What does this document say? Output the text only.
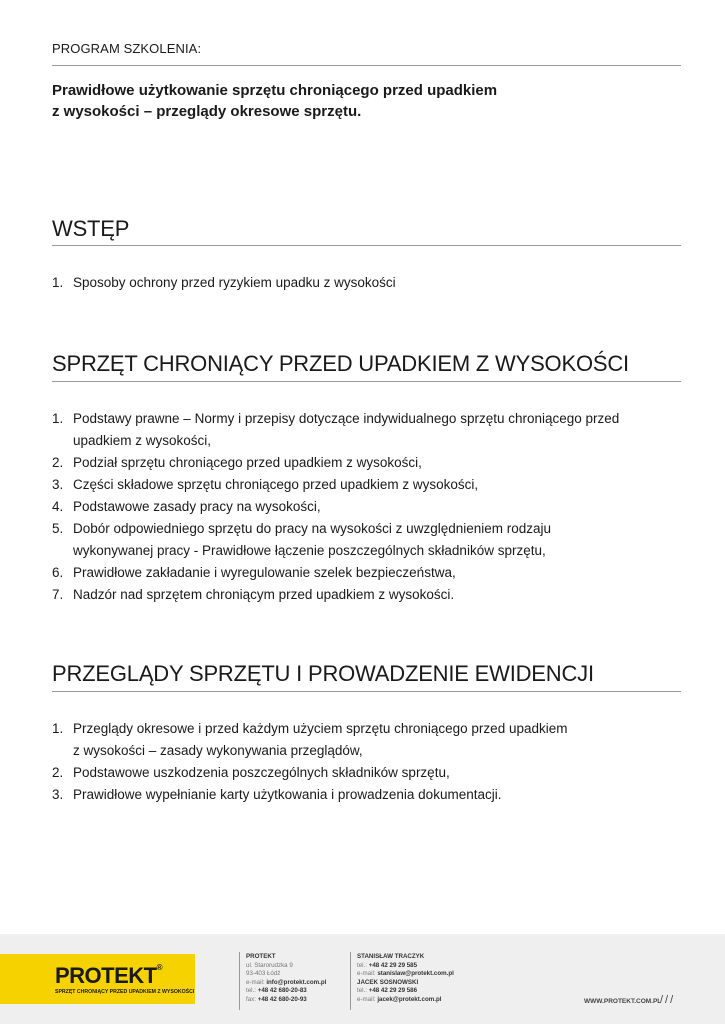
PROGRAM SZKOLENIA:
Prawidłowe użytkowanie sprzętu chroniącego przed upadkiem
z wysokości – przeglądy okresowe sprzętu.
WSTĘP
1. Sposoby ochrony przed ryzykiem upadku z wysokości
SPRZĘT CHRONIĄCY PRZED UPADKIEM Z WYSOKOŚCI
1. Podstawy prawne – Normy i przepisy dotyczące indywidualnego sprzętu chroniącego przed
upadkiem z wysokości,
2. Podział sprzętu chroniącego przed upadkiem z wysokości,
3. Części składowe sprzętu chroniącego przed upadkiem z wysokości,
4. Podstawowe zasady pracy na wysokości,
5. Dobór odpowiedniego sprzętu do pracy na wysokości z uwzględnieniem rodzaju
wykonywanej pracy - Prawidłowe łączenie poszczególnych składników sprzętu,
6. Prawidłowe zakładanie i wyregulowanie szelek bezpieczeństwa,
7. Nadzór nad sprzętem chroniącym przed upadkiem z wysokości.
PRZEGLĄDY SPRZĘTU I PROWADZENIE EWIDENCJI
1. Przeglądy okresowe i przed każdym użyciem sprzętu chroniącego przed upadkiem
z wysokości – zasady wykonywania przeglądów,
2. Podstawowe uszkodzenia poszczególnych składników sprzętu,
3. Prawidłowe wypełnianie karty użytkowania i prowadzenia dokumentacji.
PROTEKT®
SPRZĘT CHRONIĄCY PRZED UPADKIEM Z WYSOKOŚCI
PROTEKT
ul. Starorudzka 9
93-403 Łódź
e-mail: info@protekt.com.pl
tel.: +48 42 680-20-83
fax: +48 42 680-20-93
STANISŁAW TRACZYK
tel.: +48 42 29 29 585
e-mail: stanislaw@protekt.com.pl
JACEK SOSNOWSKI
tel.: +48 42 29 29 586
e-mail: jacek@protekt.com.pl	WWW.PROTEKT.COM.PL
///
